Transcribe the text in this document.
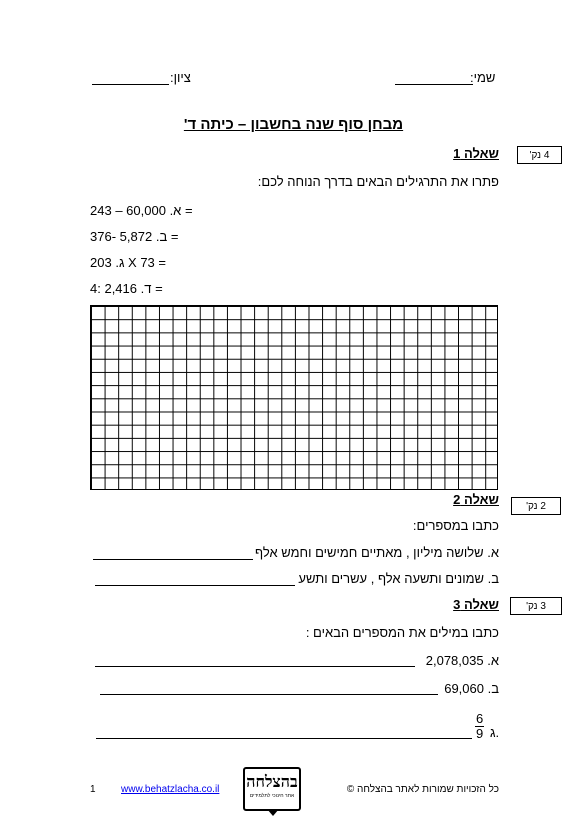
שמי:
ציון:
מבחן סוף שנה בחשבון – כיתה ד'
4 נק'
שאלה 1
פתרו את התרגילים הבאים בדרך הנוחה לכם:
א. 60,000 – 243 =
ב. 5,872 -376 =
ג. 203 X 73 =
ד. 2,416 :4 =
2 נק'
שאלה 2
כתבו במספרים:
א. שלושה מיליון , מאתיים חמישים וחמש אלף
ב. שמונים ותשעה אלף , עשרים ותשע
3 נק'
שאלה 3
כתבו במילים את המספרים הבאים :
א. 2,078,035
ב. 69,060
ג.
$\frac{6}{9}$
1	www.behatzlacha.co.il בהצלחה
אתר חינוכי לתלמידים
כל הזכויות שמורות לאתר בהצלחה ©
